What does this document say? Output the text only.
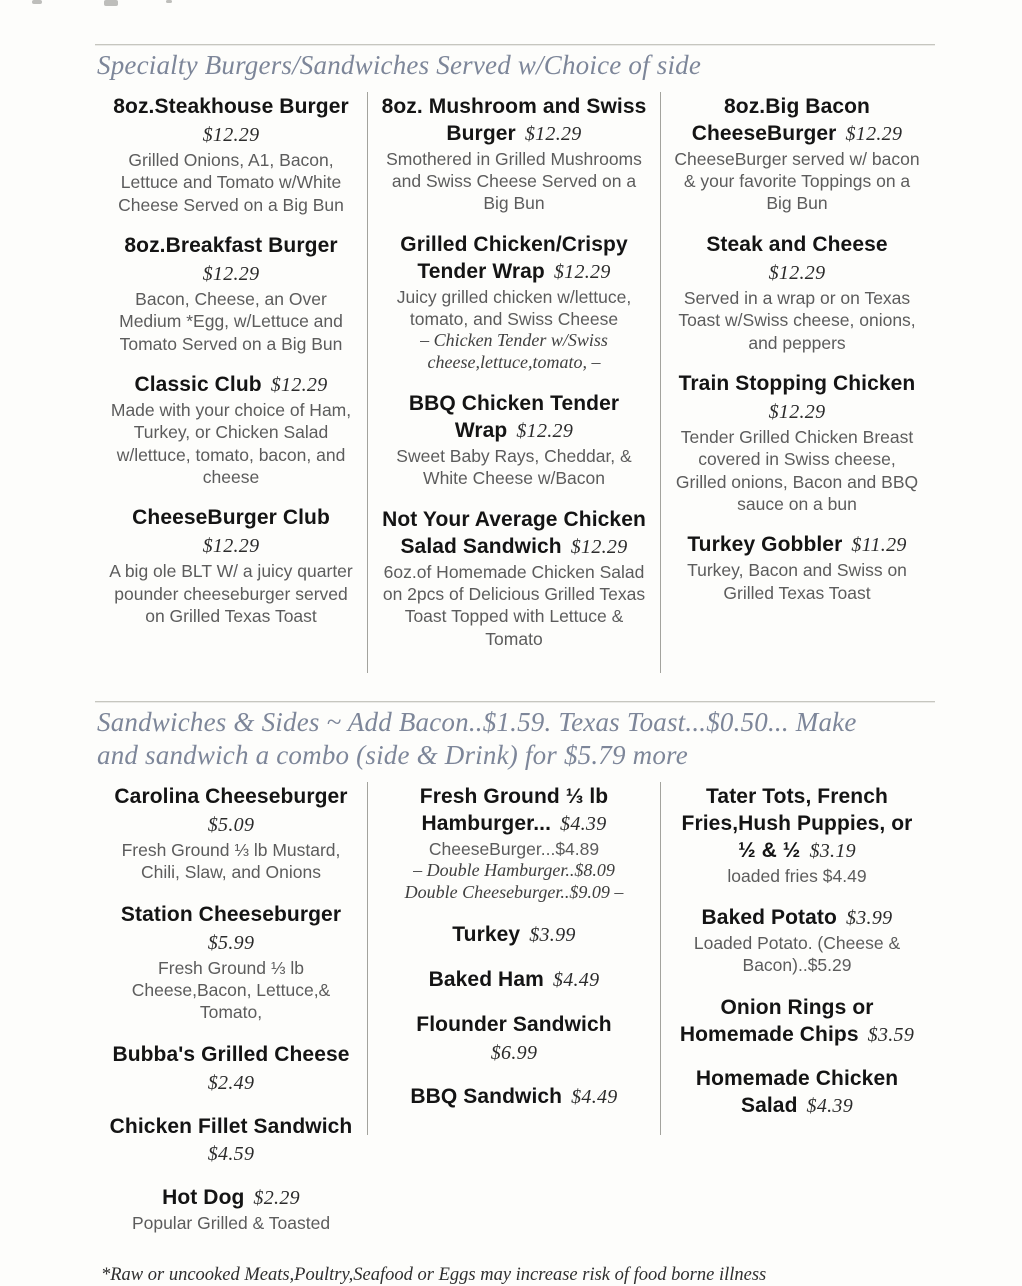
Specialty Burgers/Sandwiches Served w/Choice of side
8oz.Steakhouse Burger
$12.29
Grilled Onions, A1, Bacon, Lettuce and Tomato w/White Cheese Served on a Big Bun
8oz.Breakfast Burger
$12.29
Bacon, Cheese, an Over Medium *Egg, w/Lettuce and Tomato Served on a Big Bun
Classic Club $12.29
Made with your choice of Ham, Turkey, or Chicken Salad w/lettuce, tomato, bacon, and cheese
CheeseBurger Club
$12.29
A big ole BLT W/ a juicy quarter pounder cheeseburger served on Grilled Texas Toast
8oz. Mushroom and Swiss Burger $12.29
Smothered in Grilled Mushrooms and Swiss Cheese Served on a Big Bun
Grilled Chicken/Crispy Tender Wrap $12.29
Juicy grilled chicken w/lettuce, tomato, and Swiss Cheese
– Chicken Tender w/Swiss cheese,lettuce,tomato, –
BBQ Chicken Tender Wrap $12.29
Sweet Baby Rays, Cheddar, & White Cheese w/Bacon
Not Your Average Chicken Salad Sandwich $12.29
6oz.of Homemade Chicken Salad on 2pcs of Delicious Grilled Texas Toast Topped with Lettuce & Tomato
8oz.Big Bacon CheeseBurger $12.29
CheeseBurger served w/ bacon & your favorite Toppings on a Big Bun
Steak and Cheese
$12.29
Served in a wrap or on Texas Toast w/Swiss cheese, onions, and peppers
Train Stopping Chicken
$12.29
Tender Grilled Chicken Breast covered in Swiss cheese, Grilled onions, Bacon and BBQ sauce on a bun
Turkey Gobbler $11.29
Turkey, Bacon and Swiss on Grilled Texas Toast
Sandwiches & Sides ~ Add Bacon..$1.59. Texas Toast...$0.50... Make and sandwich a combo (side & Drink) for $5.79 more
Carolina Cheeseburger
$5.09
Fresh Ground ⅓ lb Mustard, Chili, Slaw, and Onions
Station Cheeseburger
$5.99
Fresh Ground ⅓ lb Cheese,Bacon, Lettuce,& Tomato,
Bubba's Grilled Cheese
$2.49
Chicken Fillet Sandwich
$4.59
Hot Dog $2.29
Popular Grilled & Toasted
Fresh Ground ⅓ lb Hamburger... $4.39
CheeseBurger...$4.89
– Double Hamburger..$8.09
Double Cheeseburger..$9.09 –
Turkey $3.99
Baked Ham $4.49
Flounder Sandwich
$6.99
BBQ Sandwich $4.49
Tater Tots, French Fries,Hush Puppies, or ½ & ½ $3.19
loaded fries $4.49
Baked Potato $3.99
Loaded Potato. (Cheese & Bacon)..$5.29
Onion Rings or Homemade Chips $3.59
Homemade Chicken Salad $4.39

*Raw or uncooked Meats,Poultry,Seafood or Eggs may increase risk of food borne illness
